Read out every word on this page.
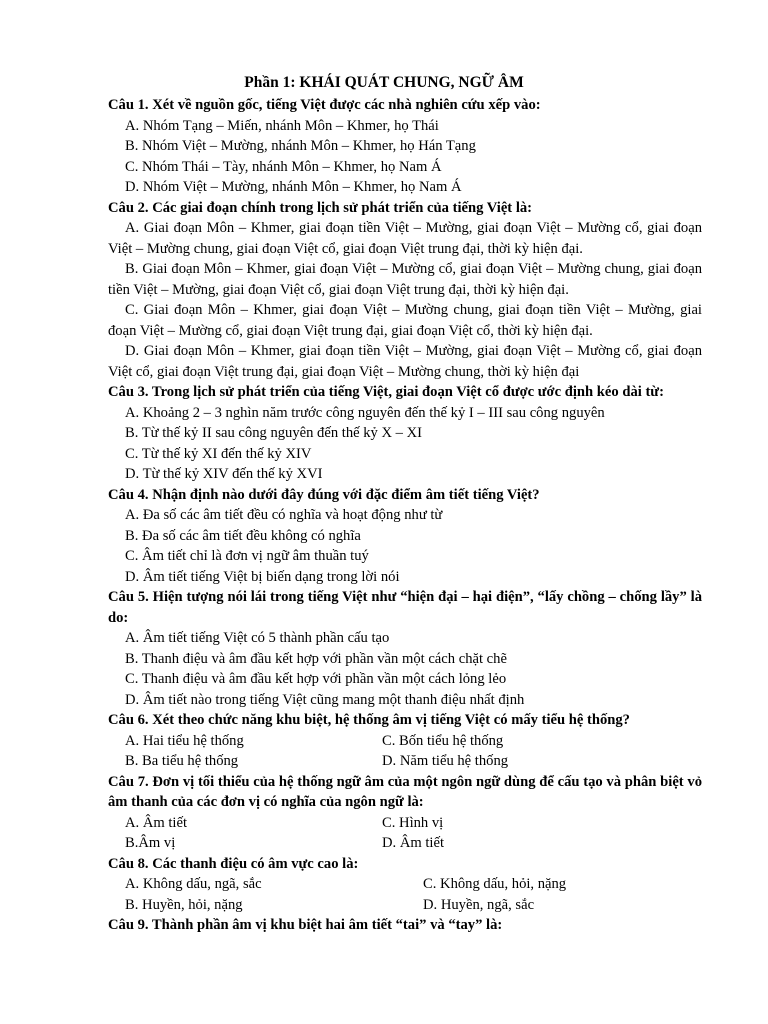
Phần 1: KHÁI QUÁT CHUNG, NGỮ ÂM
Câu 1. Xét về nguồn gốc, tiếng Việt được các nhà nghiên cứu xếp vào:
A. Nhóm Tạng – Miến, nhánh Môn – Khmer, họ Thái
B. Nhóm Việt – Mường, nhánh Môn – Khmer, họ Hán Tạng
C. Nhóm Thái – Tày, nhánh Môn – Khmer, họ Nam Á
D. Nhóm Việt – Mường, nhánh Môn – Khmer, họ Nam Á
Câu 2. Các giai đoạn chính trong lịch sử phát triển của tiếng Việt là:
A. Giai đoạn Môn – Khmer, giai đoạn tiền Việt – Mường, giai đoạn Việt – Mường cổ, giai đoạn Việt – Mường chung, giai đoạn Việt cổ, giai đoạn Việt trung đại, thời kỳ hiện đại.
B. Giai đoạn Môn – Khmer, giai đoạn Việt – Mường cổ, giai đoạn Việt – Mường chung, giai đoạn tiền Việt – Mường, giai đoạn Việt cổ, giai đoạn Việt trung đại, thời kỳ hiện đại.
C. Giai đoạn Môn – Khmer, giai đoạn Việt – Mường chung, giai đoạn tiền Việt – Mường, giai đoạn Việt – Mường cổ, giai đoạn Việt trung đại, giai đoạn Việt cổ, thời kỳ hiện đại.
D. Giai đoạn Môn – Khmer, giai đoạn tiền Việt – Mường, giai đoạn Việt – Mường cổ, giai đoạn Việt cổ, giai đoạn Việt trung đại, giai đoạn Việt – Mường chung, thời kỳ hiện đại
Câu 3. Trong lịch sử phát triển của tiếng Việt, giai đoạn Việt cổ được ước định kéo dài từ:
A. Khoảng 2 – 3 nghìn năm trước công nguyên đến thế kỷ I – III sau công nguyên
B. Từ thế kỷ II sau công nguyên đến thế kỷ X – XI
C. Từ thế kỷ XI đến thế kỷ XIV
D. Từ thế kỷ XIV đến thế kỷ XVI
Câu 4. Nhận định nào dưới đây đúng với đặc điểm âm tiết tiếng Việt?
A. Đa số các âm tiết đều có nghĩa và hoạt động như từ
B. Đa số các âm tiết đều không có nghĩa
C. Âm tiết chỉ là đơn vị ngữ âm thuần tuý
D. Âm tiết tiếng Việt bị biến dạng trong lời nói
Câu 5. Hiện tượng nói lái trong tiếng Việt như “hiện đại – hại điện”, “lấy chồng – chống lầy” là do:
A. Âm tiết tiếng Việt có 5 thành phần cấu tạo
B. Thanh điệu và âm đầu kết hợp với phần vần một cách chặt chẽ
C. Thanh điệu và âm đầu kết hợp với phần vần một cách lỏng lẻo
D. Âm tiết nào trong tiếng Việt cũng mang một thanh điệu nhất định
Câu 6. Xét theo chức năng khu biệt, hệ thống âm vị tiếng Việt có mấy tiểu hệ thống?
A. Hai tiểu hệ thống	C. Bốn tiểu hệ thống
B. Ba tiểu hệ thống	D. Năm tiểu hệ thống
Câu 7. Đơn vị tối thiểu của hệ thống ngữ âm của một ngôn ngữ dùng để cấu tạo và phân biệt vỏ âm thanh của các đơn vị có nghĩa của ngôn ngữ là:
A. Âm tiết	C. Hình vị
B.Âm vị	D. Âm tiết
Câu 8. Các thanh điệu có âm vực cao là:
A. Không dấu, ngã, sắc	C. Không dấu, hỏi, nặng
B. Huyền, hỏi, nặng	D. Huyền, ngã, sắc
Câu 9. Thành phần âm vị khu biệt hai âm tiết “tai” và “tay” là:
